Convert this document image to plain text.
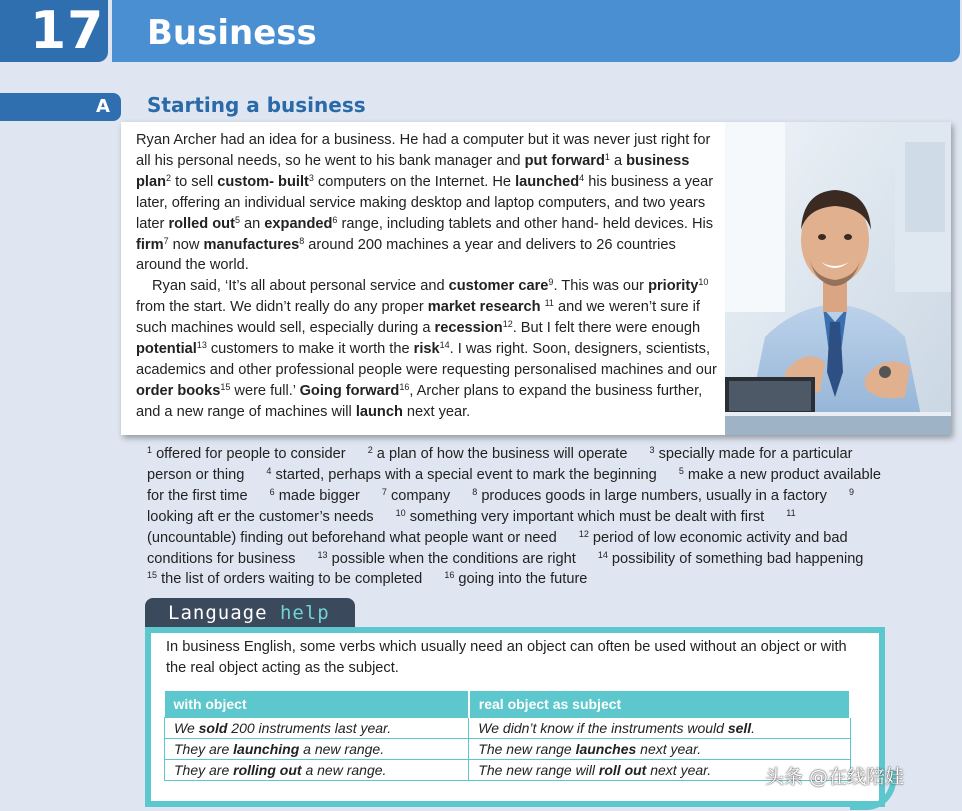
17 Business
A Starting a business

Ryan Archer had an idea for a business. He had a computer but it was never just right for all his personal needs, so he went to his bank manager and put forward$^1$ a business plan$^2$ to sell custom- built$^3$ computers on the Internet. He launched$^4$ his business a year later, offering an individual service making desktop and laptop computers, and two years later rolled out$^5$ an expanded$^6$ range, including tablets and other hand- held devices. His firm$^7$ now manufactures$^8$ around 200 machines a year and delivers to 26 countries around the world.

Ryan said, ‘It’s all about personal service and customer care$^9$. This was our priority$^{10}$ from the start. We didn’t really do any proper market research $^{11}$ and we weren’t sure if such machines would sell, especially during a recession$^{12}$. But I felt there were enough potential$^{13}$ customers to make it worth the risk$^{14}$. I was right. Soon, designers, scientists, academics and other professional people were requesting personalised machines and our order books$^{15}$ were full.’ Going forward$^{16}$, Archer plans to expand the business further, and a new range of machines will launch next year.

$^1$ offered for people to consider $^2$ a plan of how the business will operate $^3$ specially made for a particular person or thing $^4$ started, perhaps with a special event to mark the beginning $^5$ make a new product available for the first time $^6$ made bigger $^7$ company $^8$ produces goods in large numbers, usually in a factory $^9$ looking aft er the customer’s needs $^{10}$ something very important which must be dealt with first $^{11}$ (uncountable) finding out beforehand what people want or need $^{12}$ period of low economic activity and bad conditions for business $^{13}$ possible when the conditions are right $^{14}$ possibility of something bad happening $^{15}$ the list of orders waiting to be completed $^{16}$ going into the future
Language help
In business English, some verbs which usually need an object can often be used without an object or with the real object acting as the subject.
with object	real object as subject
We sold 200 instruments last year.	We didn’t know if the instruments would sell.
They are launching a new range.	The new range launches next year.
They are rolling out a new range.	The new range will roll out next year.	头条 @在线陪娃
